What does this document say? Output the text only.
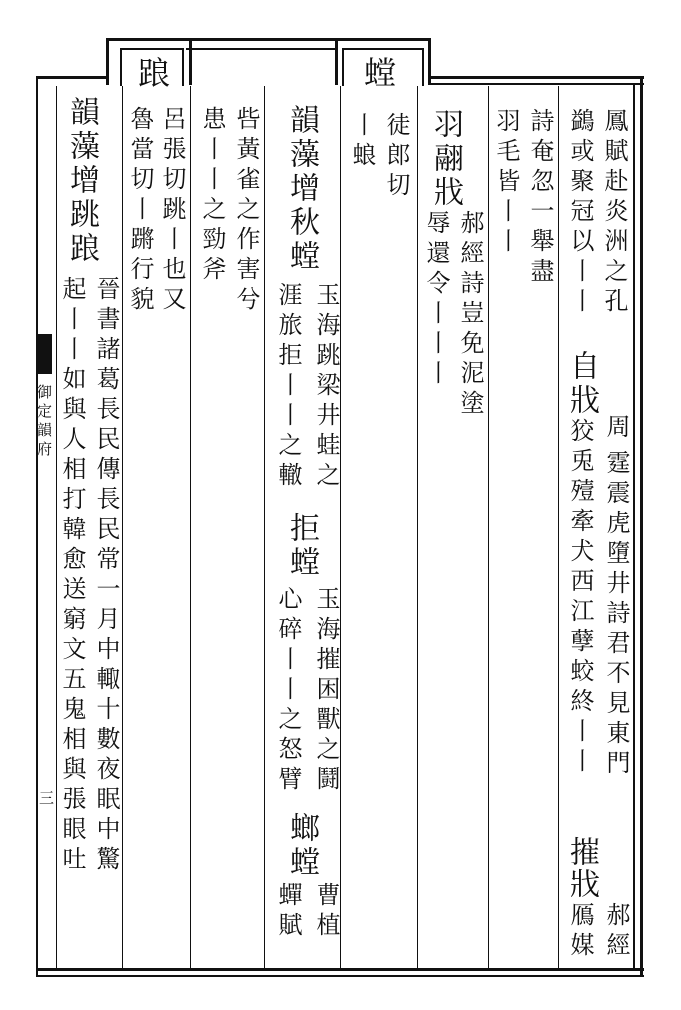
踉	螳
鳳賦赴炎洲之孔
鷁或聚冠以丨丨
自
戕
周
霆震虎墮井詩君不見東門
狡兎殪牽犬西江孽蛟終丨丨
摧
戕
郝經
鴈媒
詩奄忽一舉盡
羽毛皆丨丨
羽
翮
戕
郝經詩豈免泥塗
辱還令丨丨丨
徒郎切
丨蜋
韻藻增秋螳
玉海跳梁井蛙之
涯旅拒丨丨之轍
拒螳
玉海摧困獸之鬪
心碎丨丨之怒臂
螂螳
曹植
蟬賦
呰黃雀之作害兮
患丨丨之勁斧
呂張切跳丨也又
魯當切丨蹡行貌
韻藻增跳踉
晉書諸葛長民傳長民常一月中輙十數夜眠中驚
起丨丨如與人相打韓愈送窮文五鬼相與張眼吐
御定韻府
三
